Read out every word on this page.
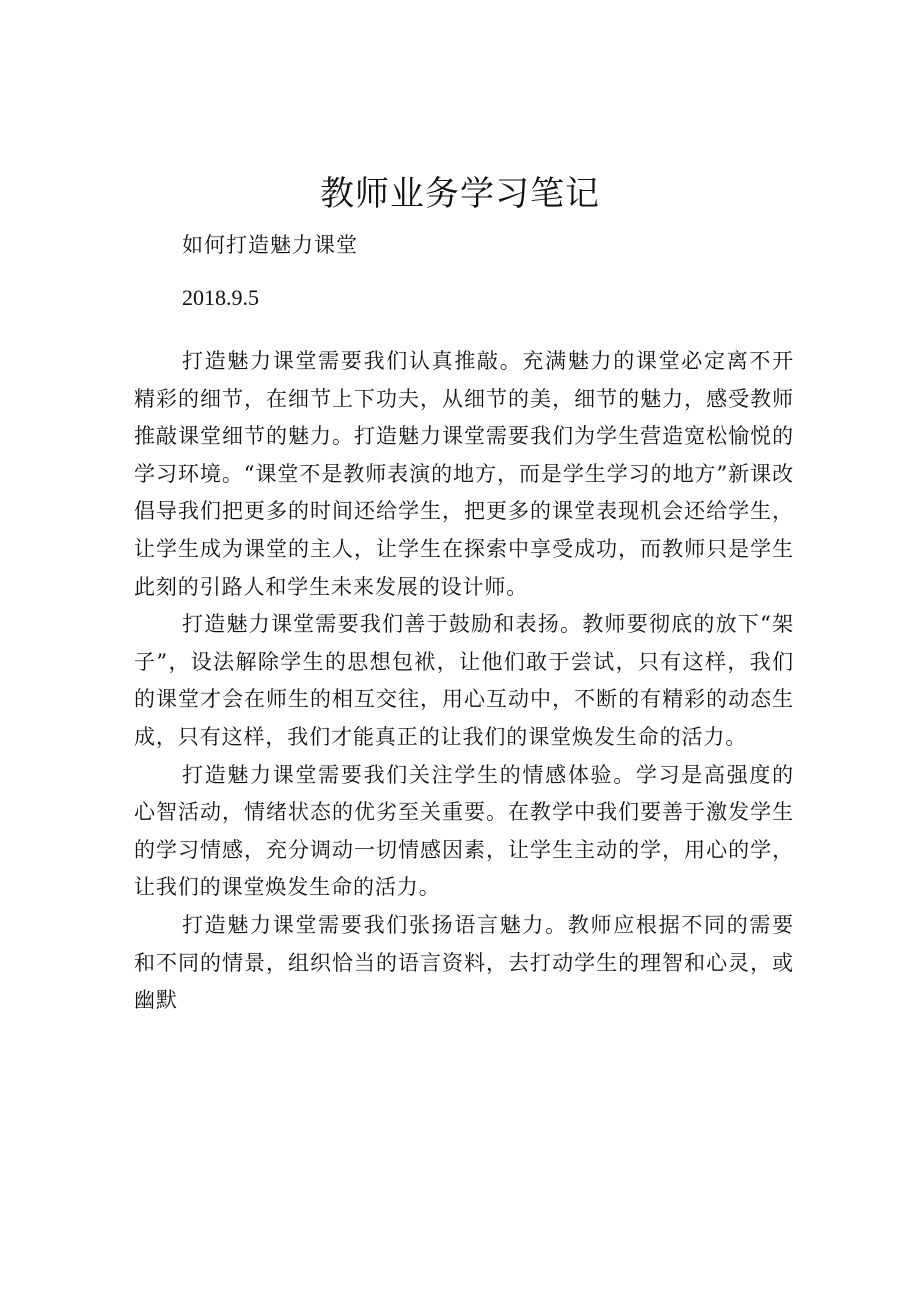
教师业务学习笔记
如何打造魅力课堂
2018.9.5

打造魅力课堂需要我们认真推敲。充满魅力的课堂必定离不开精彩的细节，在细节上下功夫，从细节的美，细节的魅力，感受教师推敲课堂细节的魅力。打造魅力课堂需要我们为学生营造宽松愉悦的学习环境。“课堂不是教师表演的地方，而是学生学习的地方”新课改倡导我们把更多的时间还给学生，把更多的课堂表现机会还给学生，让学生成为课堂的主人，让学生在探索中享受成功，而教师只是学生此刻的引路人和学生未来发展的设计师。

打造魅力课堂需要我们善于鼓励和表扬。教师要彻底的放下“架子”，设法解除学生的思想包袱，让他们敢于尝试，只有这样，我们的课堂才会在师生的相互交往，用心互动中，不断的有精彩的动态生成，只有这样，我们才能真正的让我们的课堂焕发生命的活力。

打造魅力课堂需要我们关注学生的情感体验。学习是高强度的心智活动，情绪状态的优劣至关重要。在教学中我们要善于激发学生的学习情感，充分调动一切情感因素，让学生主动的学，用心的学，让我们的课堂焕发生命的活力。

打造魅力课堂需要我们张扬语言魅力。教师应根据不同的需要和不同的情景，组织恰当的语言资料，去打动学生的理智和心灵，或幽默
